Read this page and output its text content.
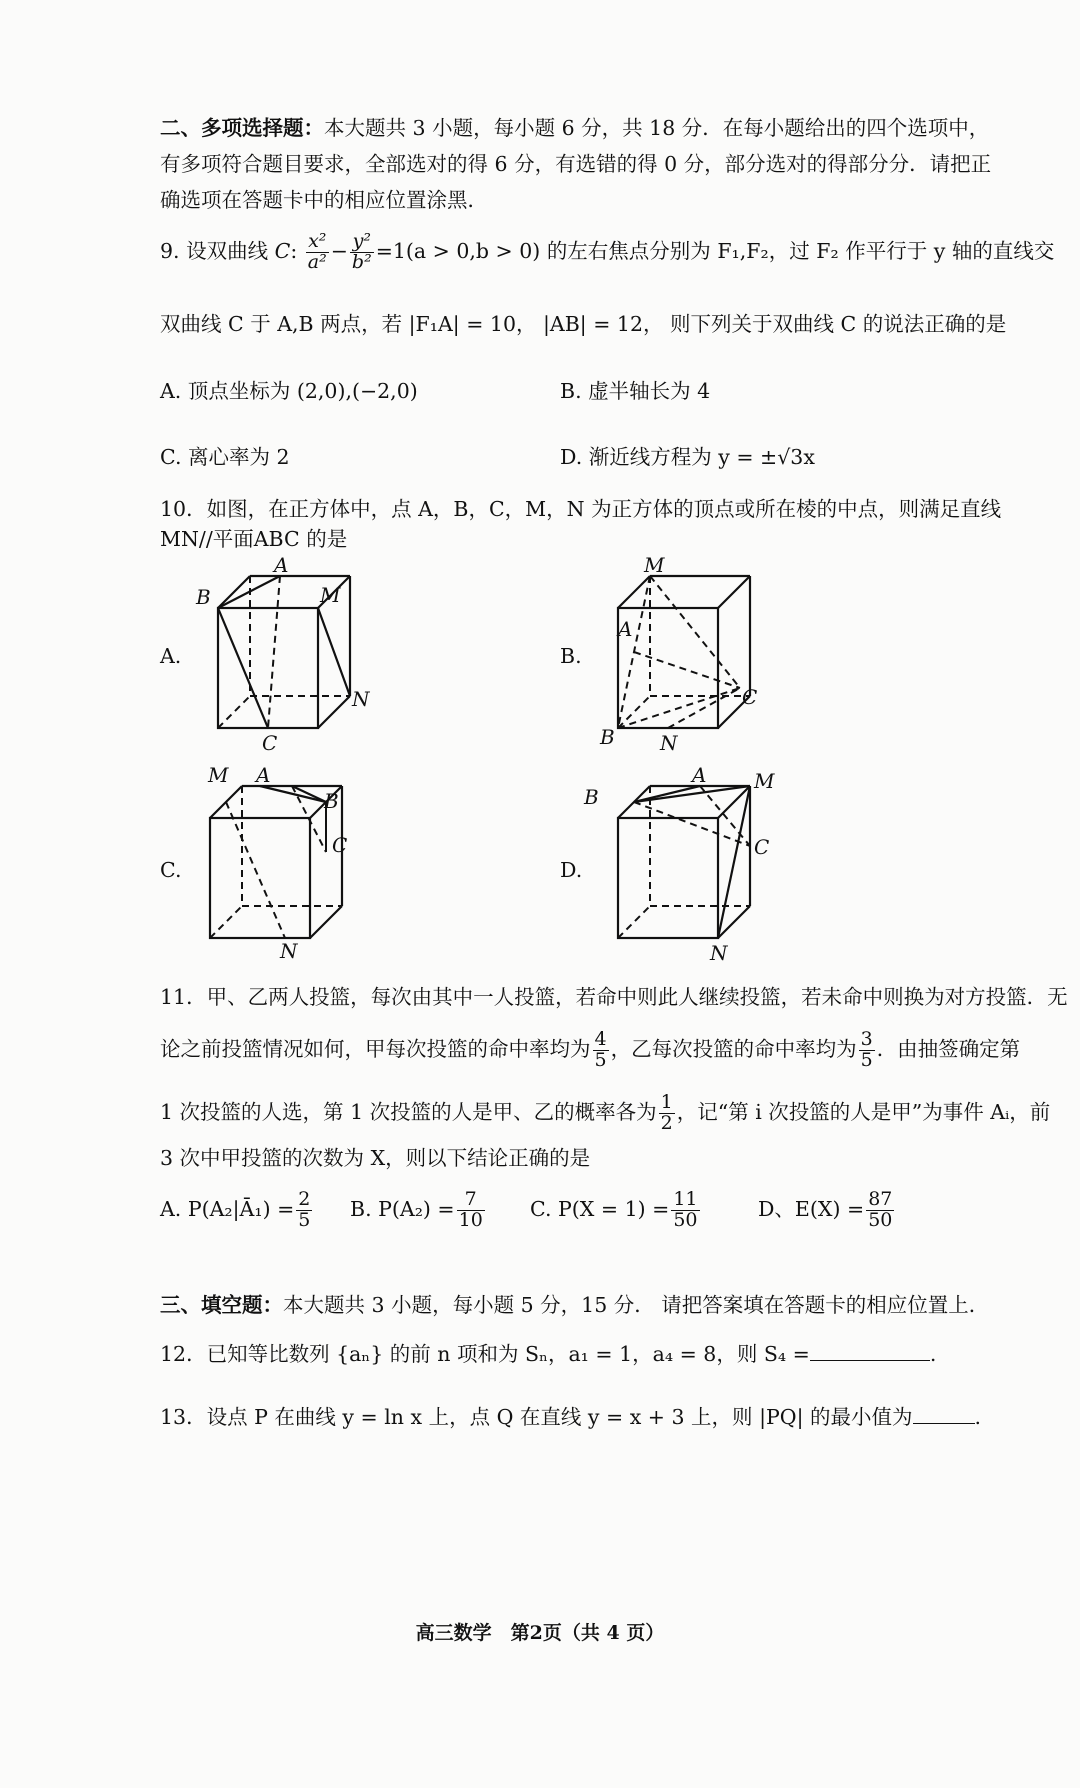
二、多项选择题：本大题共 3 小题，每小题 6 分，共 18 分．在每小题给出的四个选项中，有多项符合题目要求，全部选对的得 6 分，有选错的得 0 分，部分选对的得部分分．请把正确选项在答题卡中的相应位置涂黑．
9. 设双曲线 C: $\frac{\text{x²}}{\text{a²}} - \frac{\text{y²}}{\text{b²}} =1(a > 0,b > 0)$ 的左右焦点分别为 F₁,F₂，过 F₂ 作平行于 y 轴的直线交
双曲线 C 于 A,B 两点，若 |F₁A| = 10， |AB| = 12， 则下列关于双曲线 C 的说法正确的是
A. 顶点坐标为 (2,0),(−2,0)	B. 虚半轴长为 4
C. 离心率为 2	D. 渐近线方程为 y = ±√3x
10．如图，在正方体中，点 A，B，C，M，N 为正方体的顶点或所在棱的中点，则满足直线
MN//平面ABC 的是
A.	B.
C.	D.
A
B	M
N
C
M
A
C
B N
M A
B
C
N
B
A M
C
N
11．甲、乙两人投篮，每次由其中一人投篮，若命中则此人继续投篮，若未命中则换为对方投篮．无
论之前投篮情况如何，甲每次投篮的命中率均为 $\frac{4}{5}$ ，乙每次投篮的命中率均为 $\frac{3}{5}$ ．由抽签确定第
1 次投篮的人选，第 1 次投篮的人是甲、乙的概率各为 $\frac{1}{2}$ ，记“第 i 次投篮的人是甲”为事件 Aᵢ，前
3 次中甲投篮的次数为 X，则以下结论正确的是
A. P(A₂|Ā₁) = $\frac{2}{5} B$. $P(A_2) = \frac{7}{10} C$. $P(X = 1) = \frac{11}{50}$	D、$E(X) = \frac{87}{50}$
三、填空题：本大题共 3 小题，每小题 5 分，15 分． 请把答案填在答题卡的相应位置上．
12．已知等比数列 {aₙ} 的前 n 项和为 Sₙ，a₁ = 1，a₄ = 8，则 S₄ =	.
13．设点 P 在曲线 y = ln x 上，点 Q 在直线 y = x + 3 上，则 |PQ| 的最小值为	.
高三数学　第2页（共 4 页）
